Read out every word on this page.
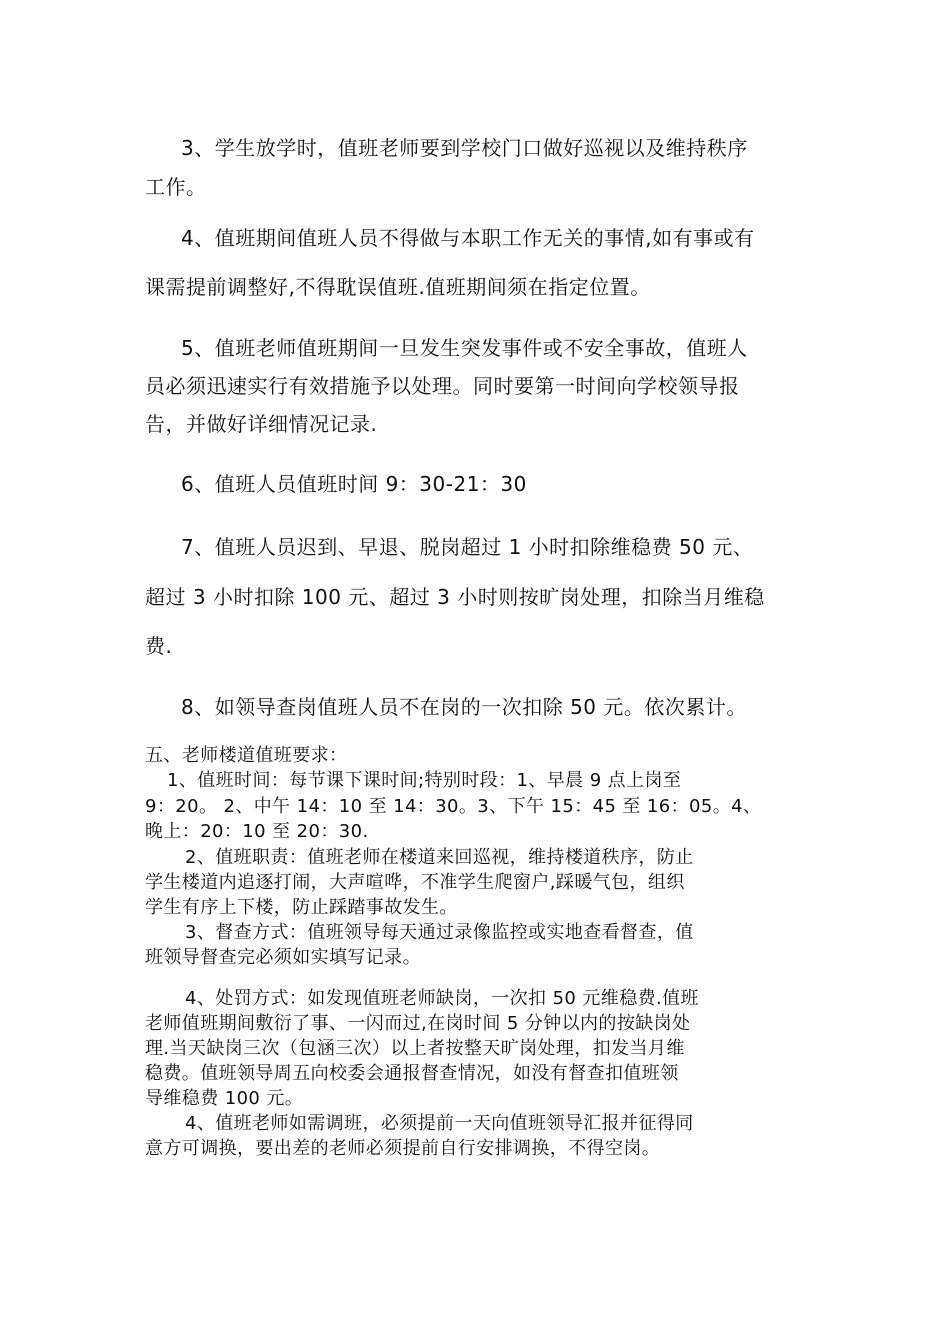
3、学生放学时，值班老师要到学校门口做好巡视以及维持秩序

工作。

4、值班期间值班人员不得做与本职工作无关的事情,如有事或有

课需提前调整好,不得耽误值班.值班期间须在指定位置。

5、值班老师值班期间一旦发生突发事件或不安全事故，值班人

员必须迅速实行有效措施予以处理。同时要第一时间向学校领导报

告，并做好详细情况记录.

6、值班人员值班时间 9：30-21：30

7、值班人员迟到、早退、脱岗超过 1 小时扣除维稳费 50 元、

超过 3 小时扣除 100 元、超过 3 小时则按旷岗处理，扣除当月维稳

费.

8、如领导查岗值班人员不在岗的一次扣除 50 元。依次累计。

五、老师楼道值班要求：

1、值班时间：每节课下课时间;特别时段：1、早晨 9 点上岗至

9：20。 2、中午 14：10 至 14：30。3、下午 15：45 至 16：05。4、

晚上：20：10 至 20：30.

2、值班职责：值班老师在楼道来回巡视，维持楼道秩序，防止

学生楼道内追逐打闹，大声喧哗，不准学生爬窗户,踩暖气包，组织

学生有序上下楼，防止踩踏事故发生。

3、督查方式：值班领导每天通过录像监控或实地查看督查，值

班领导督查完必须如实填写记录。

4、处罚方式：如发现值班老师缺岗，一次扣 50 元维稳费.值班

老师值班期间敷衍了事、一闪而过,在岗时间 5 分钟以内的按缺岗处

理.当天缺岗三次（包涵三次）以上者按整天旷岗处理，扣发当月维

稳费。值班领导周五向校委会通报督查情况，如没有督查扣值班领

导维稳费 100 元。

4、值班老师如需调班，必须提前一天向值班领导汇报并征得同

意方可调换，要出差的老师必须提前自行安排调换，不得空岗。
